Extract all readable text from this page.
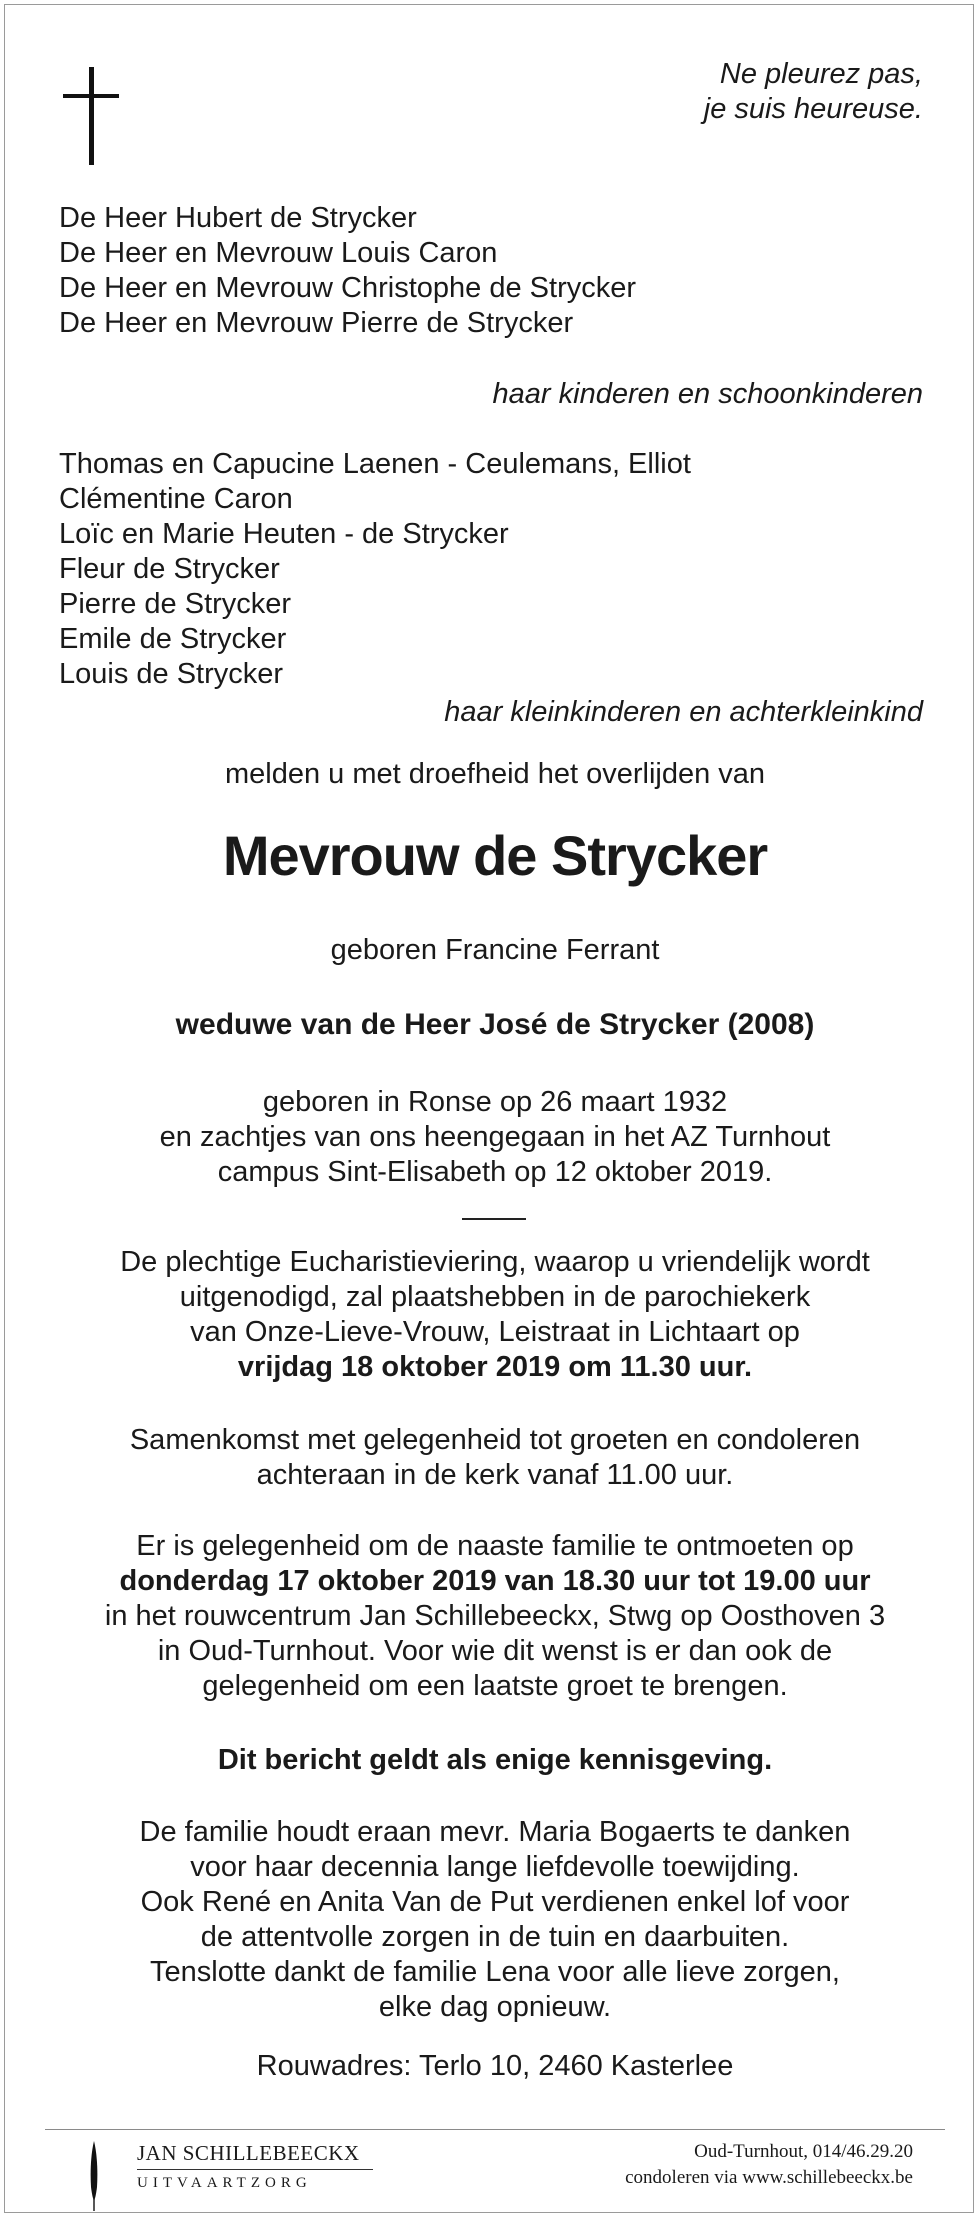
Ne pleurez pas,
je suis heureuse.
De Heer Hubert de Strycker
De Heer en Mevrouw Louis Caron
De Heer en Mevrouw Christophe de Strycker
De Heer en Mevrouw Pierre de Strycker
haar kinderen en schoonkinderen
Thomas en Capucine Laenen - Ceulemans, Elliot
Clémentine Caron
Loïc en Marie Heuten - de Strycker
Fleur de Strycker
Pierre de Strycker
Emile de Strycker
Louis de Strycker
haar kleinkinderen en achterkleinkind
melden u met droefheid het overlijden van
Mevrouw de Strycker
geboren Francine Ferrant
weduwe van de Heer José de Strycker (2008)
geboren in Ronse op 26 maart 1932
en zachtjes van ons heengegaan in het AZ Turnhout
campus Sint-Elisabeth op 12 oktober 2019.
De plechtige Eucharistieviering, waarop u vriendelijk wordt
uitgenodigd, zal plaatshebben in de parochiekerk
van Onze-Lieve-Vrouw, Leistraat in Lichtaart op
vrijdag 18 oktober 2019 om 11.30 uur.
Samenkomst met gelegenheid tot groeten en condoleren
achteraan in de kerk vanaf 11.00 uur.
Er is gelegenheid om de naaste familie te ontmoeten op
donderdag 17 oktober 2019 van 18.30 uur tot 19.00 uur
in het rouwcentrum Jan Schillebeeckx, Stwg op Oosthoven 3
in Oud-Turnhout. Voor wie dit wenst is er dan ook de
gelegenheid om een laatste groet te brengen.
Dit bericht geldt als enige kennisgeving.
De familie houdt eraan mevr. Maria Bogaerts te danken
voor haar decennia lange liefdevolle toewijding.
Ook René en Anita Van de Put verdienen enkel lof voor
de attentvolle zorgen in de tuin en daarbuiten.
Tenslotte dankt de familie Lena voor alle lieve zorgen,
elke dag opnieuw.
Rouwadres: Terlo 10, 2460 Kasterlee
JAN SCHILLEBEECKX
UITVAARTZORG
Oud-Turnhout, 014/46.29.20
condoleren via www.schillebeeckx.be
